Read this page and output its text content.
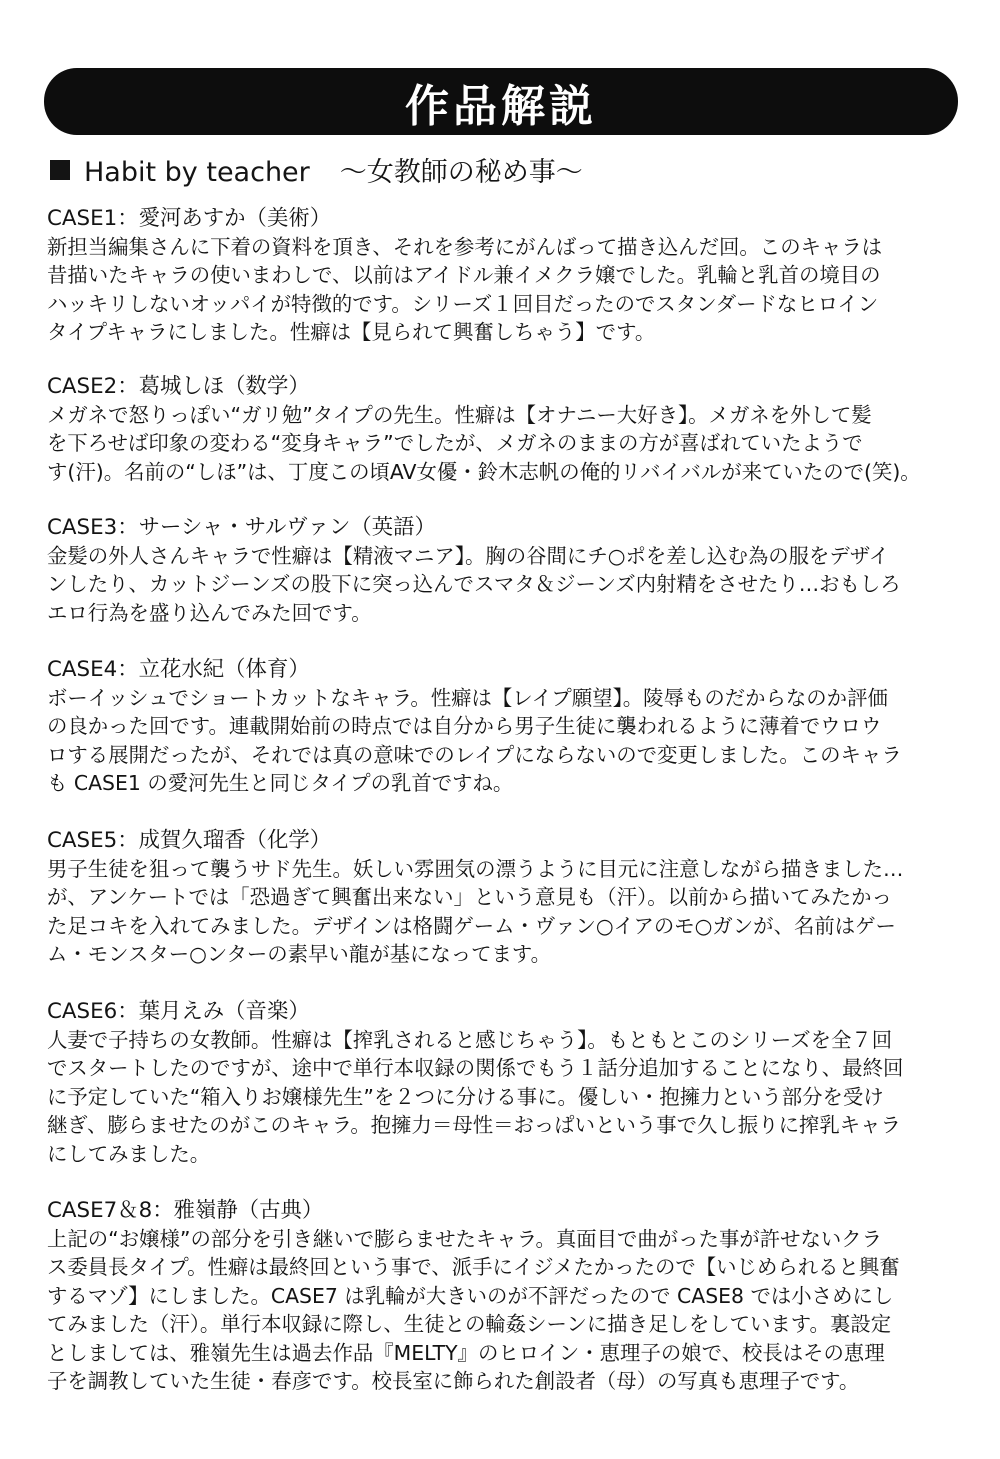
作品解説
Habit by teacher 〜女教師の秘め事〜
CASE1：愛河あすか（美術）
新担当編集さんに下着の資料を頂き、それを参考にがんばって描き込んだ回。このキャラは
昔描いたキャラの使いまわしで、以前はアイドル兼イメクラ嬢でした。乳輪と乳首の境目の
ハッキリしないオッパイが特徴的です。シリーズ１回目だったのでスタンダードなヒロイン
タイプキャラにしました。性癖は【見られて興奮しちゃう】です。
CASE2：葛城しほ（数学）
メガネで怒りっぽい“ガリ勉”タイプの先生。性癖は【オナニー大好き】。メガネを外して髪
を下ろせば印象の変わる“変身キャラ”でしたが、メガネのままの方が喜ばれていたようで
す(汗)。名前の“しほ”は、丁度この頃AV女優・鈴木志帆の俺的リバイバルが来ていたので(笑)。
CASE3：サーシャ・サルヴァン（英語）
金髪の外人さんキャラで性癖は【精液マニア】。胸の谷間にチ○ポを差し込む為の服をデザイ
ンしたり、カットジーンズの股下に突っ込んでスマタ＆ジーンズ内射精をさせたり…おもしろ
エロ行為を盛り込んでみた回です。
CASE4：立花水紀（体育）
ボーイッシュでショートカットなキャラ。性癖は【レイプ願望】。陵辱ものだからなのか評価
の良かった回です。連載開始前の時点では自分から男子生徒に襲われるように薄着でウロウ
ロする展開だったが、それでは真の意味でのレイプにならないので変更しました。このキャラ
も CASE1 の愛河先生と同じタイプの乳首ですね。
CASE5：成賀久瑠香（化学）
男子生徒を狙って襲うサド先生。妖しい雰囲気の漂うように目元に注意しながら描きました…
が、アンケートでは「恐過ぎて興奮出来ない」という意見も（汗）。以前から描いてみたかっ
た足コキを入れてみました。デザインは格闘ゲーム・ヴァン○イアのモ○ガンが、名前はゲー
ム・モンスター○ンターの素早い龍が基になってます。
CASE6：葉月えみ（音楽）
人妻で子持ちの女教師。性癖は【搾乳されると感じちゃう】。もともとこのシリーズを全７回
でスタートしたのですが、途中で単行本収録の関係でもう１話分追加することになり、最終回
に予定していた“箱入りお嬢様先生”を２つに分ける事に。優しい・抱擁力という部分を受け
継ぎ、膨らませたのがこのキャラ。抱擁力＝母性＝おっぱいという事で久し振りに搾乳キャラ
にしてみました。
CASE7＆8：雅嶺静（古典）
上記の“お嬢様”の部分を引き継いで膨らませたキャラ。真面目で曲がった事が許せないクラ
ス委員長タイプ。性癖は最終回という事で、派手にイジメたかったので【いじめられると興奮
するマゾ】にしました。CASE7 は乳輪が大きいのが不評だったので CASE8 では小さめにし
てみました（汗）。単行本収録に際し、生徒との輪姦シーンに描き足しをしています。裏設定
としましては、雅嶺先生は過去作品『MELTY』のヒロイン・恵理子の娘で、校長はその恵理
子を調教していた生徒・春彦です。校長室に飾られた創設者（母）の写真も恵理子です。
